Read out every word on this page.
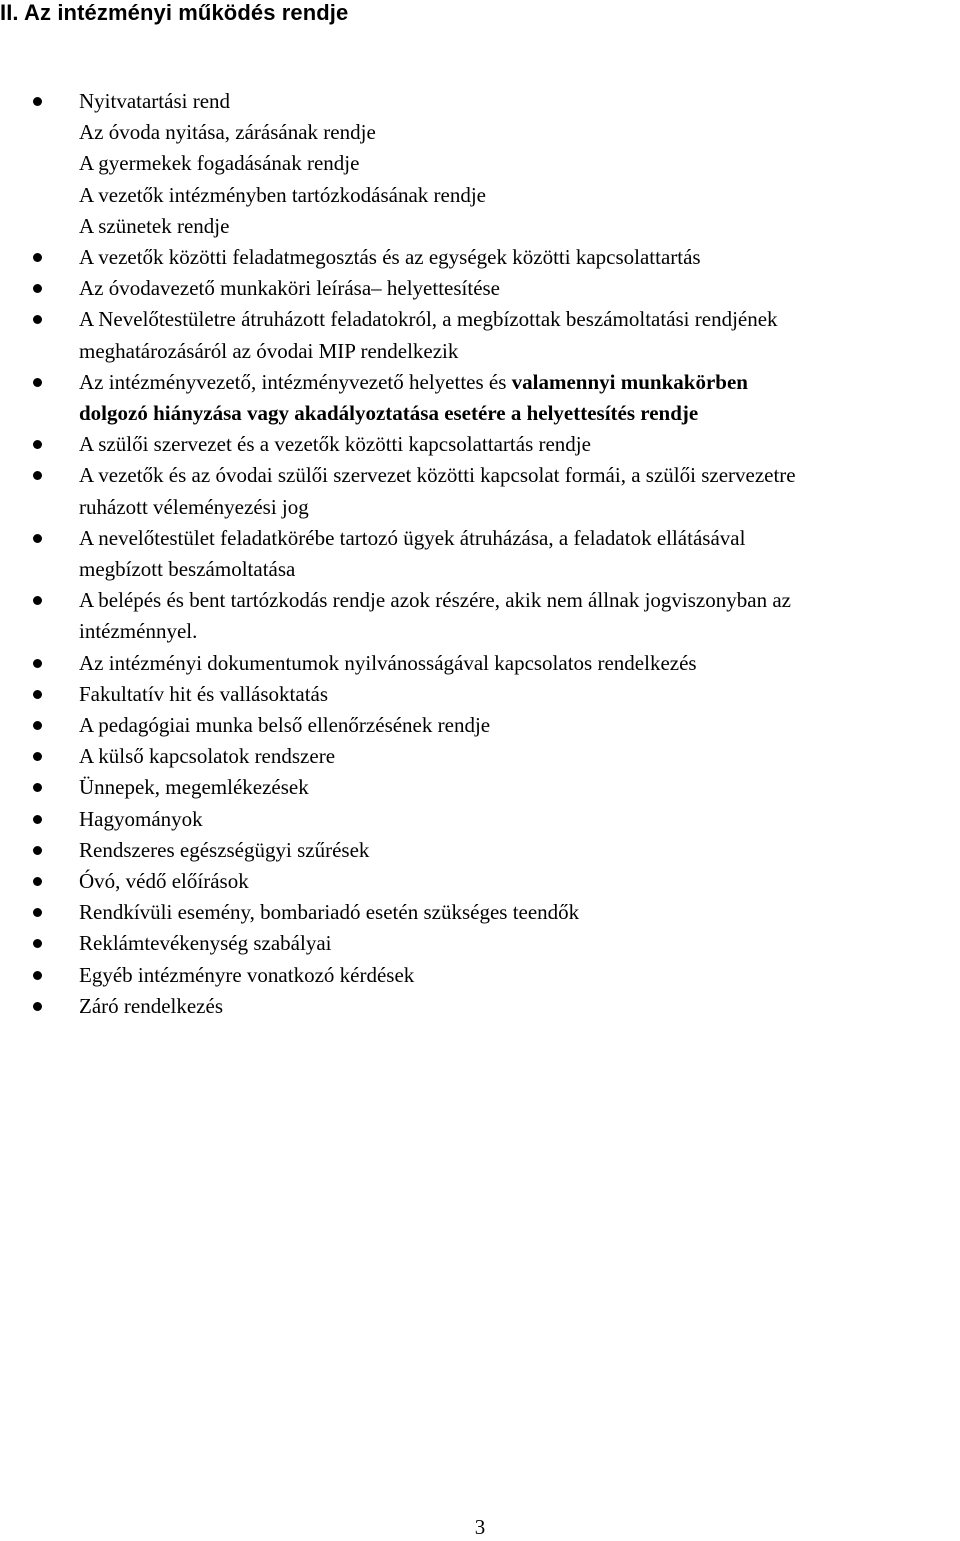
II. Az intézményi működés rendje
Nyitvatartási rend
Az óvoda nyitása, zárásának rendje
A gyermekek fogadásának rendje
A vezetők intézményben tartózkodásának rendje
A szünetek rendje
A vezetők közötti feladatmegosztás és az egységek közötti kapcsolattartás
Az óvodavezető munkaköri leírása– helyettesítése
A Nevelőtestületre átruházott feladatokról, a megbízottak beszámoltatási rendjének
meghatározásáról az óvodai MIP rendelkezik
Az intézményvezető, intézményvezető helyettes és valamennyi munkakörben
dolgozó hiányzása vagy akadályoztatása esetére a helyettesítés rendje
A szülői szervezet és a vezetők közötti kapcsolattartás rendje
A vezetők és az óvodai szülői szervezet közötti kapcsolat formái, a szülői szervezetre
ruházott véleményezési jog
A nevelőtestület feladatkörébe tartozó ügyek átruházása, a feladatok ellátásával
megbízott beszámoltatása
A belépés és bent tartózkodás rendje azok részére, akik nem állnak jogviszonyban az
intézménnyel.
Az intézményi dokumentumok nyilvánosságával kapcsolatos rendelkezés
Fakultatív hit és vallásoktatás
A pedagógiai munka belső ellenőrzésének rendje
A külső kapcsolatok rendszere
Ünnepek, megemlékezések
Hagyományok
Rendszeres egészségügyi szűrések
Óvó, védő előírások
Rendkívüli esemény, bombariadó esetén szükséges teendők
Reklámtevékenység szabályai
Egyéb intézményre vonatkozó kérdések
Záró rendelkezés
3
